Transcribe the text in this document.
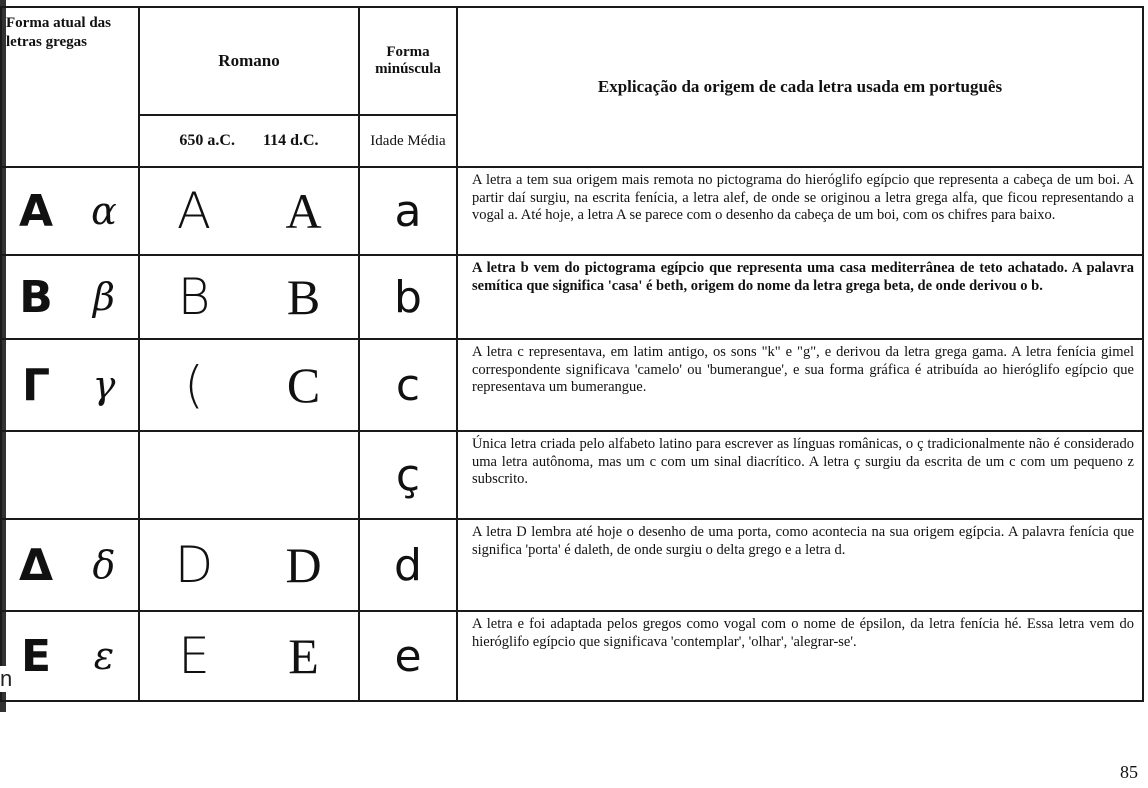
Forma atual das letras gregas	Romano	Forma minúscula	Explicação da origem de cada letra usada em português
	650 a.C. 114 d.C.	Idade Média	
A	α	A	A	a	A letra a tem sua origem mais remota no pictograma do hieróglifo egípcio que representa a cabeça de um boi. A partir daí surgiu, na escrita fenícia, a letra alef, de onde se originou a letra grega alfa, que ficou representando a vogal a. Até hoje, a letra A se parece com o desenho da cabeça de um boi, com os chifres para baixo.
B	β	B	B	b	A letra b vem do pictograma egípcio que representa uma casa mediterrânea de teto achatado. A palavra semítica que significa 'casa' é beth, origem do nome da letra grega beta, de onde derivou o b.
Γ	γ	(	C	c	A letra c representava, em latim antigo, os sons "k" e "g", e derivou da letra grega gama. A letra fenícia gimel correspondente significava 'camelo' ou 'bumerangue', e sua forma gráfica é atribuída ao hieróglifo egípcio que representava um bumerangue.
				ç	Única letra criada pelo alfabeto latino para escrever as línguas românicas, o ç tradicionalmente não é considerado uma letra autônoma, mas um c com um sinal diacrítico. A letra ç surgiu da escrita de um c com um pequeno z subscrito.
Δ	δ	D	D	d	A letra D lembra até hoje o desenho de uma porta, como acontecia na sua origem egípcia. A palavra fenícia que significa 'porta' é daleth, de onde surgiu o delta grego e a letra d.
E	ε	E	E	e	A letra e foi adaptada pelos gregos como vogal com o nome de épsilon, da letra fenícia hé. Essa letra vem do hieróglifo egípcio que significava 'contemplar', 'olhar', 'alegrar-se'.
n
85
